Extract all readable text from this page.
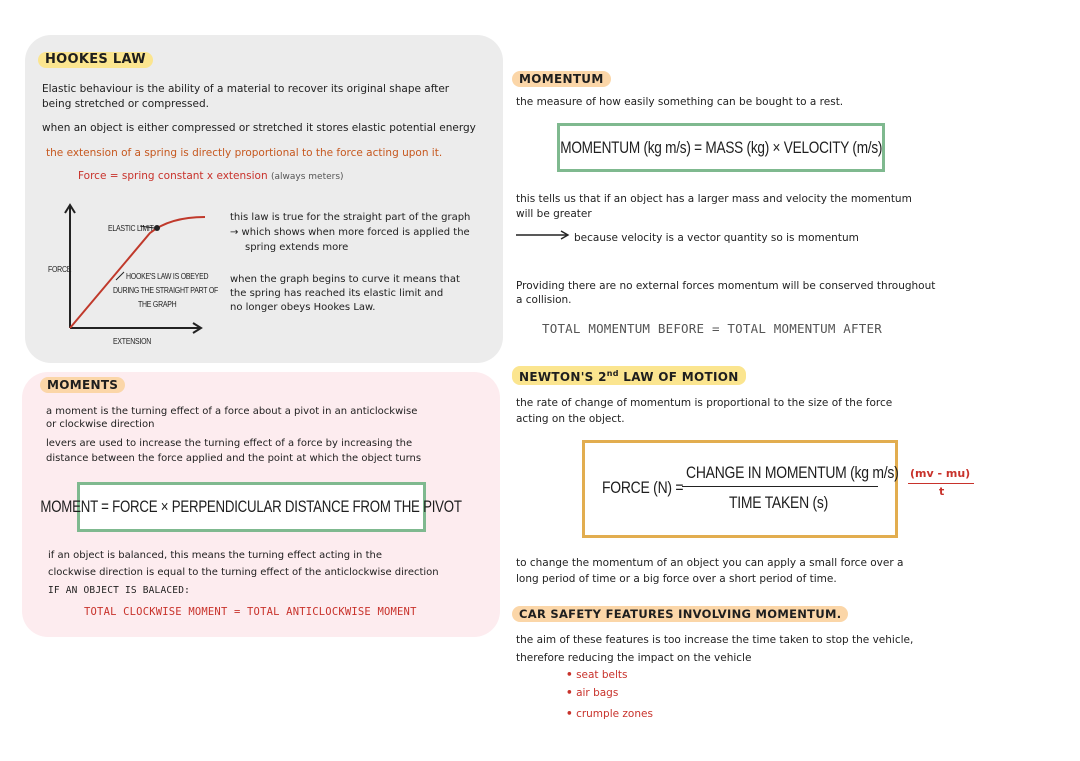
HOOKES LAW
Elastic behaviour is the ability of a material to recover its original shape after
being stretched or compressed.
when an object is either compressed or stretched it stores elastic potential energy
the extension of a spring is directly proportional to the force acting upon it.
Force = spring constant x extension (always meters)
ELASTIC LIMIT
FORCE
EXTENSION
HOOKE'S LAW IS OBEYED
DURING THE STRAIGHT PART OF
THE GRAPH
this law is true for the straight part of the graph
→ which shows when more forced is applied the
spring extends more
when the graph begins to curve it means that
the spring has reached its elastic limit and
no longer obeys Hookes Law.
MOMENTS
a moment is the turning effect of a force about a pivot in an anticlockwise
or clockwise direction
levers are used to increase the turning effect of a force by increasing the
distance between the force applied and the point at which the object turns
MOMENT = FORCE × PERPENDICULAR DISTANCE FROM THE PIVOT
if an object is balanced, this means the turning effect acting in the
clockwise direction is equal to the turning effect of the anticlockwise direction
IF AN OBJECT IS BALACED:
TOTAL CLOCKWISE MOMENT = TOTAL ANTICLOCKWISE MOMENT
MOMENTUM
the measure of how easily something can be bought to a rest.
MOMENTUM (kg m/s) = MASS (kg) × VELOCITY (m/s)
this tells us that if an object has a larger mass and velocity the momentum
will be greater
because velocity is a vector quantity so is momentum
Providing there are no external forces momentum will be conserved throughout
a collision.
TOTAL MOMENTUM BEFORE = TOTAL MOMENTUM AFTER
NEWTON'S 2nd LAW OF MOTION
the rate of change of momentum is proportional to the size of the force
acting on the object.
FORCE (N) =
CHANGE IN MOMENTUM (kg m/s)
TIME TAKEN (s)
(mv - mu)
t
to change the momentum of an object you can apply a small force over a
long period of time or a big force over a short period of time.
CAR SAFETY FEATURES INVOLVING MOMENTUM.
the aim of these features is too increase the time taken to stop the vehicle,
therefore reducing the impact on the vehicle
• seat belts
• air bags
• crumple zones
